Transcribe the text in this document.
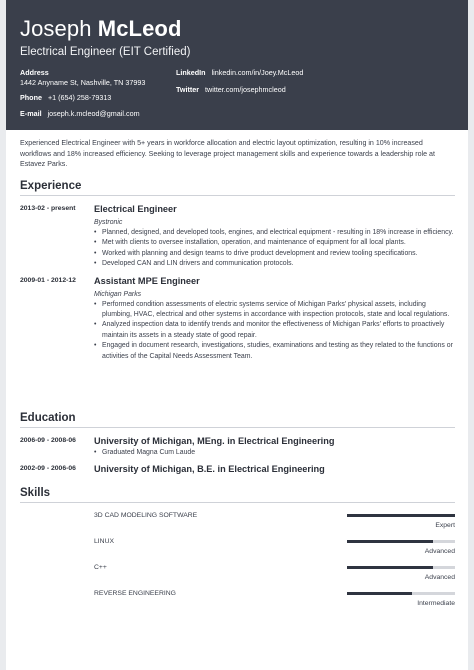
Joseph McLeod
Electrical Engineer (EIT Certified)
Address
1442 Anyname St, Nashville, TN 37993
Phone +1 (654) 258-79313
E-mail joseph.k.mcleod@gmail.com
LinkedIn linkedin.com/in/Joey.McLeod
Twitter twitter.com/josephmcleod
Experienced Electrical Engineer with 5+ years in workforce allocation and electric layout optimization, resulting in 10% increased workflows and 18% increased efficiency. Seeking to leverage project management skills and experience towards a leadership role at Estavez Parks.
Experience
2013-02 - present Electrical Engineer
Bystronic
• Planned, designed, and developed tools, engines, and electrical equipment - resulting in 18% increase in efficiency.
• Met with clients to oversee installation, operation, and maintenance of equipment for all local plants.
• Worked with planning and design teams to drive product development and review tooling specifications.
• Developed CAN and LIN drivers and communication protocols.
2009-01 - 2012-12 Assistant MPE Engineer
Michigan Parks
• Performed condition assessments of electric systems service of Michigan Parks' physical assets, including plumbing, HVAC, electrical and other systems in accordance with inspection protocols, state and local regulations.
• Analyzed inspection data to identify trends and monitor the effectiveness of Michigan Parks' efforts to proactively maintain its assets in a steady state of good repair.
• Engaged in document research, investigations, studies, examinations and testing as they related to the functions or activities of the Capital Needs Assessment Team.
Education
2006-09 - 2008-06 University of Michigan, MEng. in Electrical Engineering
• Graduated Magna Cum Laude
2002-09 - 2006-06 University of Michigan, B.E. in Electrical Engineering
Skills
3D CAD MODELING SOFTWARE
Expert
LINUX
Advanced
C++
Advanced
REVERSE ENGINEERING
Intermediate
